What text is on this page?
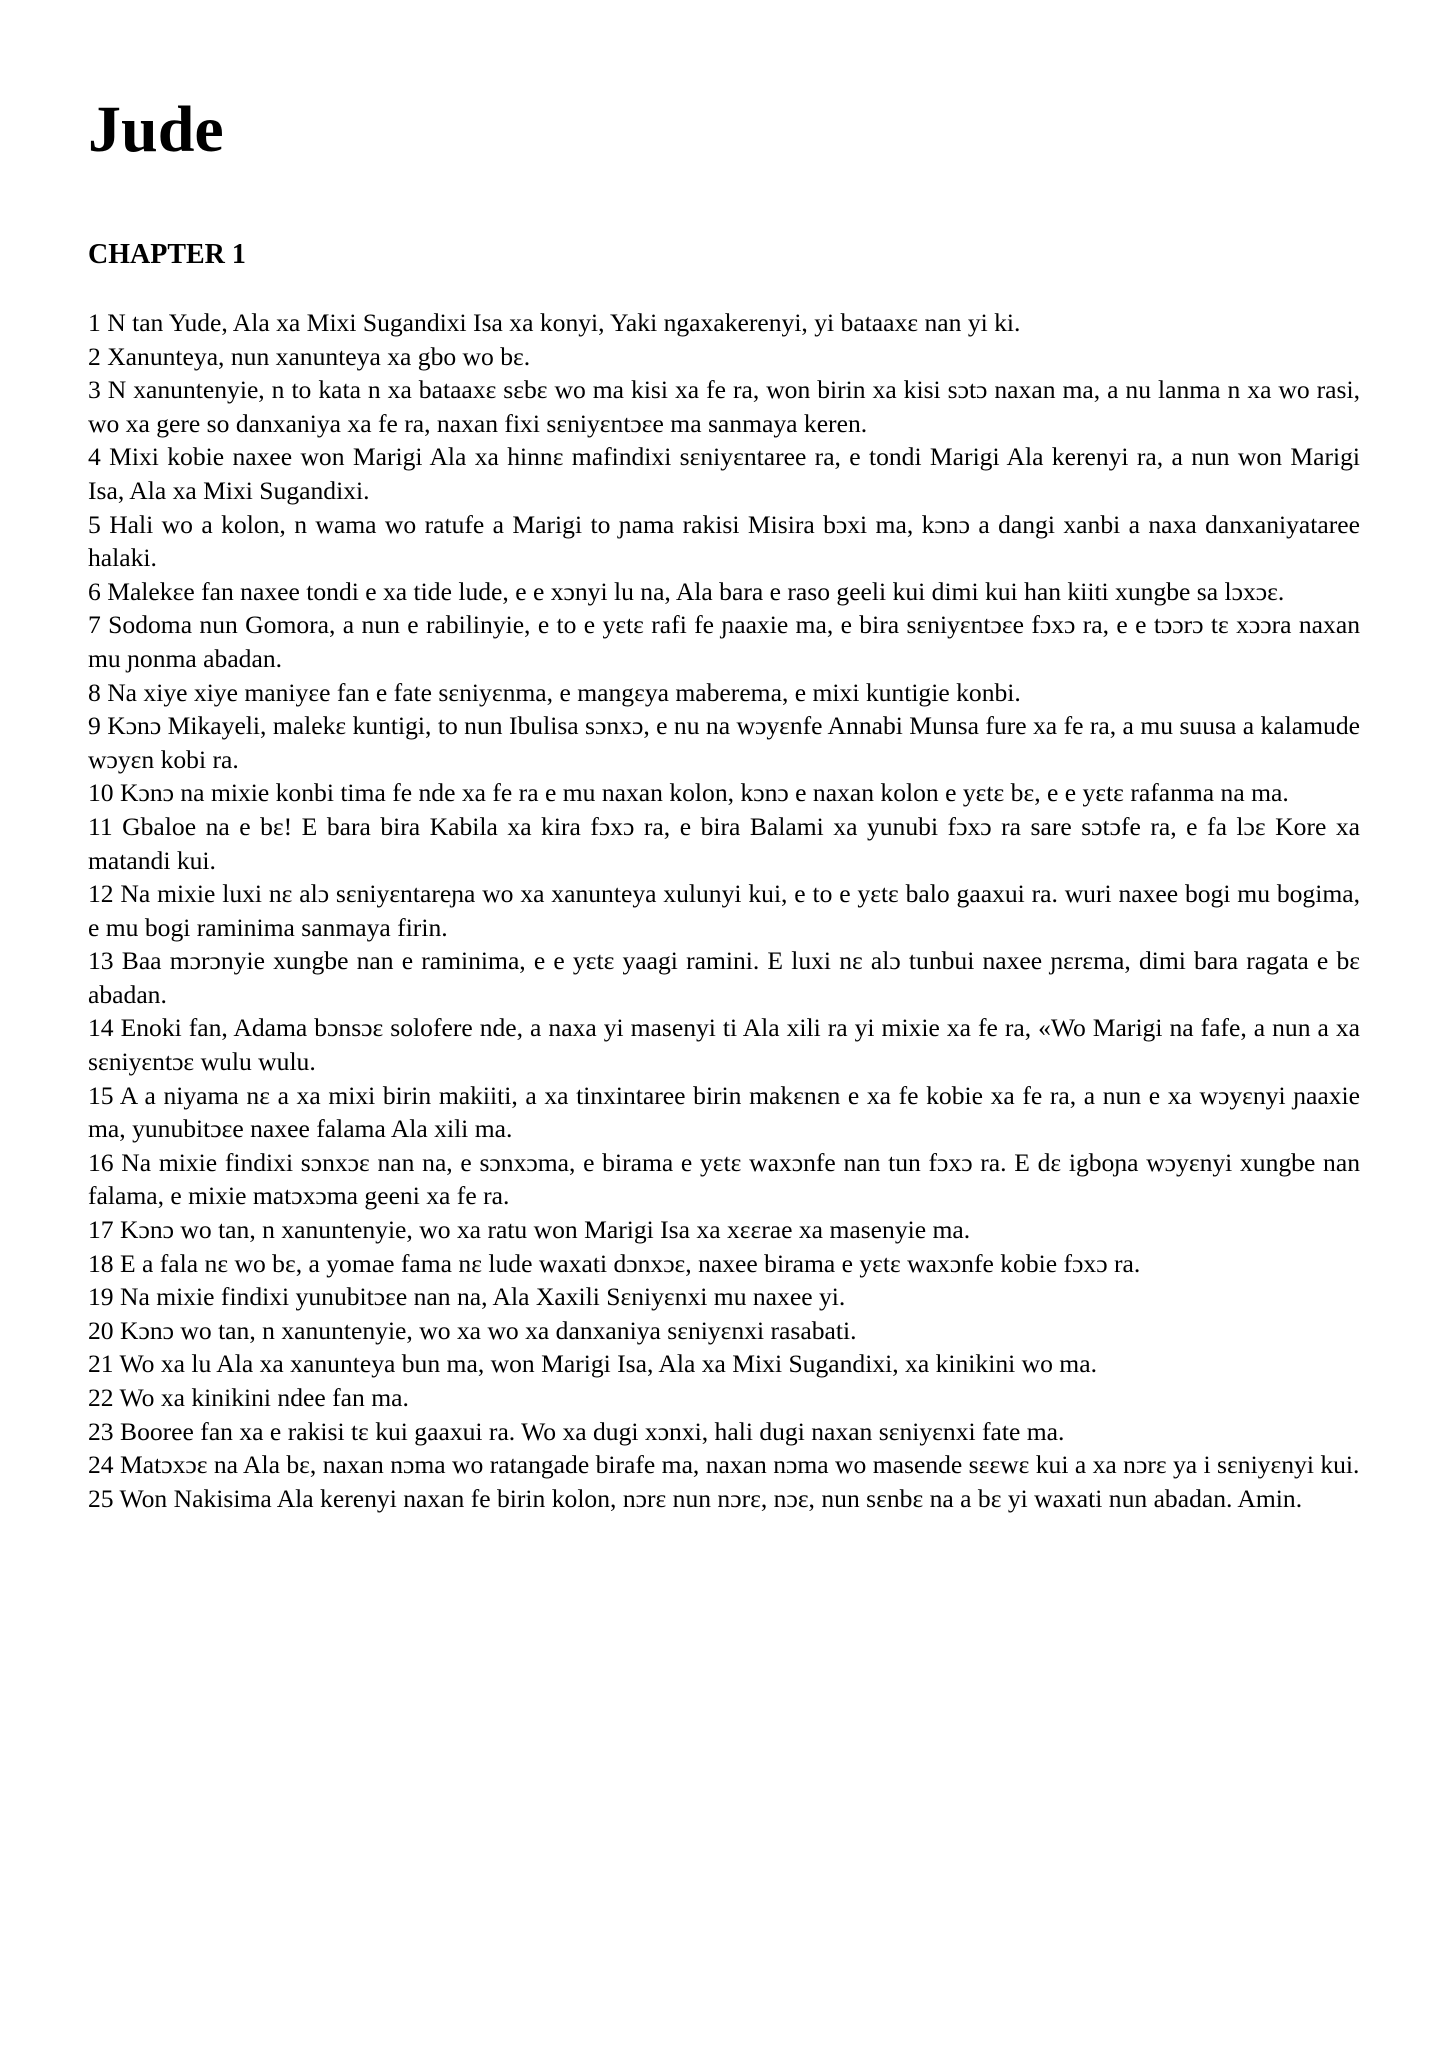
Jude
CHAPTER 1

1 N tan Yude, Ala xa Mixi Sugandixi Isa xa konyi, Yaki ngaxakerenyi, yi bataaxɛ nan yi ki.

2 Xanunteya, nun xanunteya xa gbo wo bɛ.

3 N xanuntenyie, n to kata n xa bataaxɛ sɛbɛ wo ma kisi xa fe ra, won birin xa kisi sɔtɔ naxan ma, a nu lanma n xa wo rasi, wo xa gere so danxaniya xa fe ra, naxan fixi sɛniyɛntɔɛe ma sanmaya keren.

4 Mixi kobie naxee won Marigi Ala xa hinnɛ mafindixi sɛniyɛntaree ra, e tondi Marigi Ala kerenyi ra, a nun won Marigi Isa, Ala xa Mixi Sugandixi.

5 Hali wo a kolon, n wama wo ratufe a Marigi to ɲama rakisi Misira bɔxi ma, kɔnɔ a dangi xanbi a naxa danxaniyataree halaki.

6 Malekɛe fan naxee tondi e xa tide lude, e e xɔnyi lu na, Ala bara e raso geeli kui dimi kui han kiiti xungbe sa lɔxɔɛ.

7 Sodoma nun Gomora, a nun e rabilinyie, e to e yɛtɛ rafi fe ɲaaxie ma, e bira sɛniyɛntɔɛe fɔxɔ ra, e e tɔɔrɔ tɛ xɔɔra naxan mu ɲonma abadan.

8 Na xiye xiye maniyɛe fan e fate sɛniyɛnma, e mangɛya maberema, e mixi kuntigie konbi.

9 Kɔnɔ Mikayeli, malekɛ kuntigi, to nun Ibulisa sɔnxɔ, e nu na wɔyɛnfe Annabi Munsa fure xa fe ra, a mu suusa a kalamude wɔyɛn kobi ra.

10 Kɔnɔ na mixie konbi tima fe nde xa fe ra e mu naxan kolon, kɔnɔ e naxan kolon e yɛtɛ bɛ, e e yɛtɛ rafanma na ma.

11 Gbaloe na e bɛ! E bara bira Kabila xa kira fɔxɔ ra, e bira Balami xa yunubi fɔxɔ ra sare sɔtɔfe ra, e fa lɔɛ Kore xa matandi kui.

12 Na mixie luxi nɛ alɔ sɛniyɛntareɲa wo xa xanunteya xulunyi kui, e to e yɛtɛ balo gaaxui ra. wuri naxee bogi mu bogima, e mu bogi raminima sanmaya firin.

13 Baa mɔrɔnyie xungbe nan e raminima, e e yɛtɛ yaagi ramini. E luxi nɛ alɔ tunbui naxee ɲɛrɛma, dimi bara ragata e bɛ abadan.

14 Enoki fan, Adama bɔnsɔɛ solofere nde, a naxa yi masenyi ti Ala xili ra yi mixie xa fe ra, «Wo Marigi na fafe, a nun a xa sɛniyɛntɔɛ wulu wulu.

15 A a niyama nɛ a xa mixi birin makiiti, a xa tinxintaree birin makɛnɛn e xa fe kobie xa fe ra, a nun e xa wɔyɛnyi ɲaaxie ma, yunubitɔɛe naxee falama Ala xili ma.

16 Na mixie findixi sɔnxɔɛ nan na, e sɔnxɔma, e birama e yɛtɛ waxɔnfe nan tun fɔxɔ ra. E dɛ igboɲa wɔyɛnyi xungbe nan falama, e mixie matɔxɔma geeni xa fe ra.

17 Kɔnɔ wo tan, n xanuntenyie, wo xa ratu won Marigi Isa xa xɛɛrae xa masenyie ma.

18 E a fala nɛ wo bɛ, a yomae fama nɛ lude waxati dɔnxɔɛ, naxee birama e yɛtɛ waxɔnfe kobie fɔxɔ ra.

19 Na mixie findixi yunubitɔɛe nan na, Ala Xaxili Sɛniyɛnxi mu naxee yi.

20 Kɔnɔ wo tan, n xanuntenyie, wo xa wo xa danxaniya sɛniyɛnxi rasabati.

21 Wo xa lu Ala xa xanunteya bun ma, won Marigi Isa, Ala xa Mixi Sugandixi, xa kinikini wo ma.

22 Wo xa kinikini ndee fan ma.

23 Booree fan xa e rakisi tɛ kui gaaxui ra. Wo xa dugi xɔnxi, hali dugi naxan sɛniyɛnxi fate ma.

24 Matɔxɔɛ na Ala bɛ, naxan nɔma wo ratangade birafe ma, naxan nɔma wo masende sɛɛwɛ kui a xa nɔrɛ ya i sɛniyɛnyi kui.

25 Won Nakisima Ala kerenyi naxan fe birin kolon, nɔrɛ nun nɔrɛ, nɔɛ, nun sɛnbɛ na a bɛ yi waxati nun abadan. Amin.
